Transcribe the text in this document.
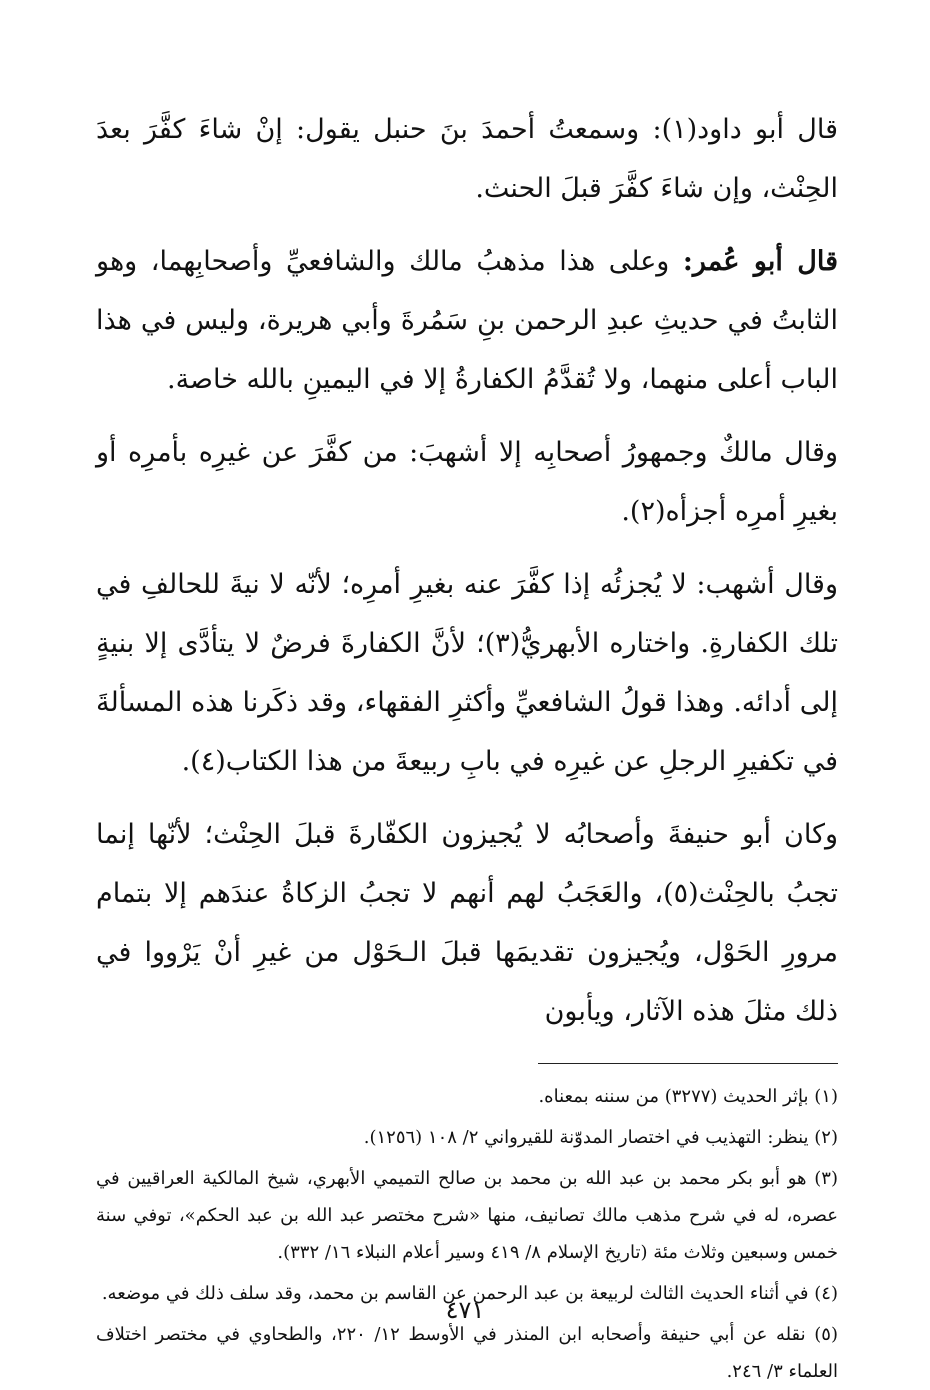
قال أبو داود(١): وسمعتُ أحمدَ بنَ حنبل يقول: إنْ شاءَ كفَّرَ بعدَ الحِنْث، وإن شاءَ كفَّرَ قبلَ الحنث.

قال أبو عُمر: وعلى هذا مذهبُ مالك والشافعيِّ وأصحابِهما، وهو الثابتُ في حديثِ عبدِ الرحمن بنِ سَمُرةَ وأبي هريرة، وليس في هذا الباب أعلى منهما، ولا تُقدَّمُ الكفارةُ إلا في اليمينِ بالله خاصة.

وقال مالكٌ وجمهورُ أصحابِه إلا أشهبَ: من كفَّرَ عن غيرِه بأمرِه أو بغيرِ أمرِه أجزأه(٢).

وقال أشهب: لا يُجزئُه إذا كفَّرَ عنه بغيرِ أمرِه؛ لأنّه لا نيةَ للحالفِ في تلك الكفارةِ. واختاره الأبهريُّ(٣)؛ لأنَّ الكفارةَ فرضٌ لا يتأدَّى إلا بنيةٍ إلى أدائه. وهذا قولُ الشافعيِّ وأكثرِ الفقهاء، وقد ذكَرنا هذه المسألةَ في تكفيرِ الرجلِ عن غيرِه في بابِ ربيعةَ من هذا الكتاب(٤).

وكان أبو حنيفةَ وأصحابُه لا يُجيزون الكفّارةَ قبلَ الحِنْث؛ لأنّها إنما تجبُ بالحِنْث(٥)، والعَجَبُ لهم أنهم لا تجبُ الزكاةُ عندَهم إلا بتمام مرورِ الحَوْل، ويُجيزون تقديمَها قبلَ الـحَوْل من غيرِ أنْ يَرْووا في ذلك مثلَ هذه الآثار، ويأبون

(١) بإثر الحديث (٣٢٧٧) من سننه بمعناه.

(٢) ينظر: التهذيب في اختصار المدوّنة للقيرواني ٢/ ١٠٨ (١٢٥٦).

(٣) هو أبو بكر محمد بن عبد الله بن محمد بن صالح التميمي الأبهري، شيخ المالكية العراقيين في عصره، له في شرح مذهب مالك تصانيف، منها «شرح مختصر عبد الله بن عبد الحكم»، توفي سنة خمس وسبعين وثلاث مئة (تاريخ الإسلام ٨/ ٤١٩ وسير أعلام النبلاء ١٦/ ٣٣٢).

(٤) في أثناء الحديث الثالث لربيعة بن عبد الرحمن عن القاسم بن محمد، وقد سلف ذلك في موضعه.

(٥) نقله عن أبي حنيفة وأصحابه ابن المنذر في الأوسط ١٢/ ٢٢٠، والطحاوي في مختصر اختلاف العلماء ٣/ ٢٤٦.

٤٧١
